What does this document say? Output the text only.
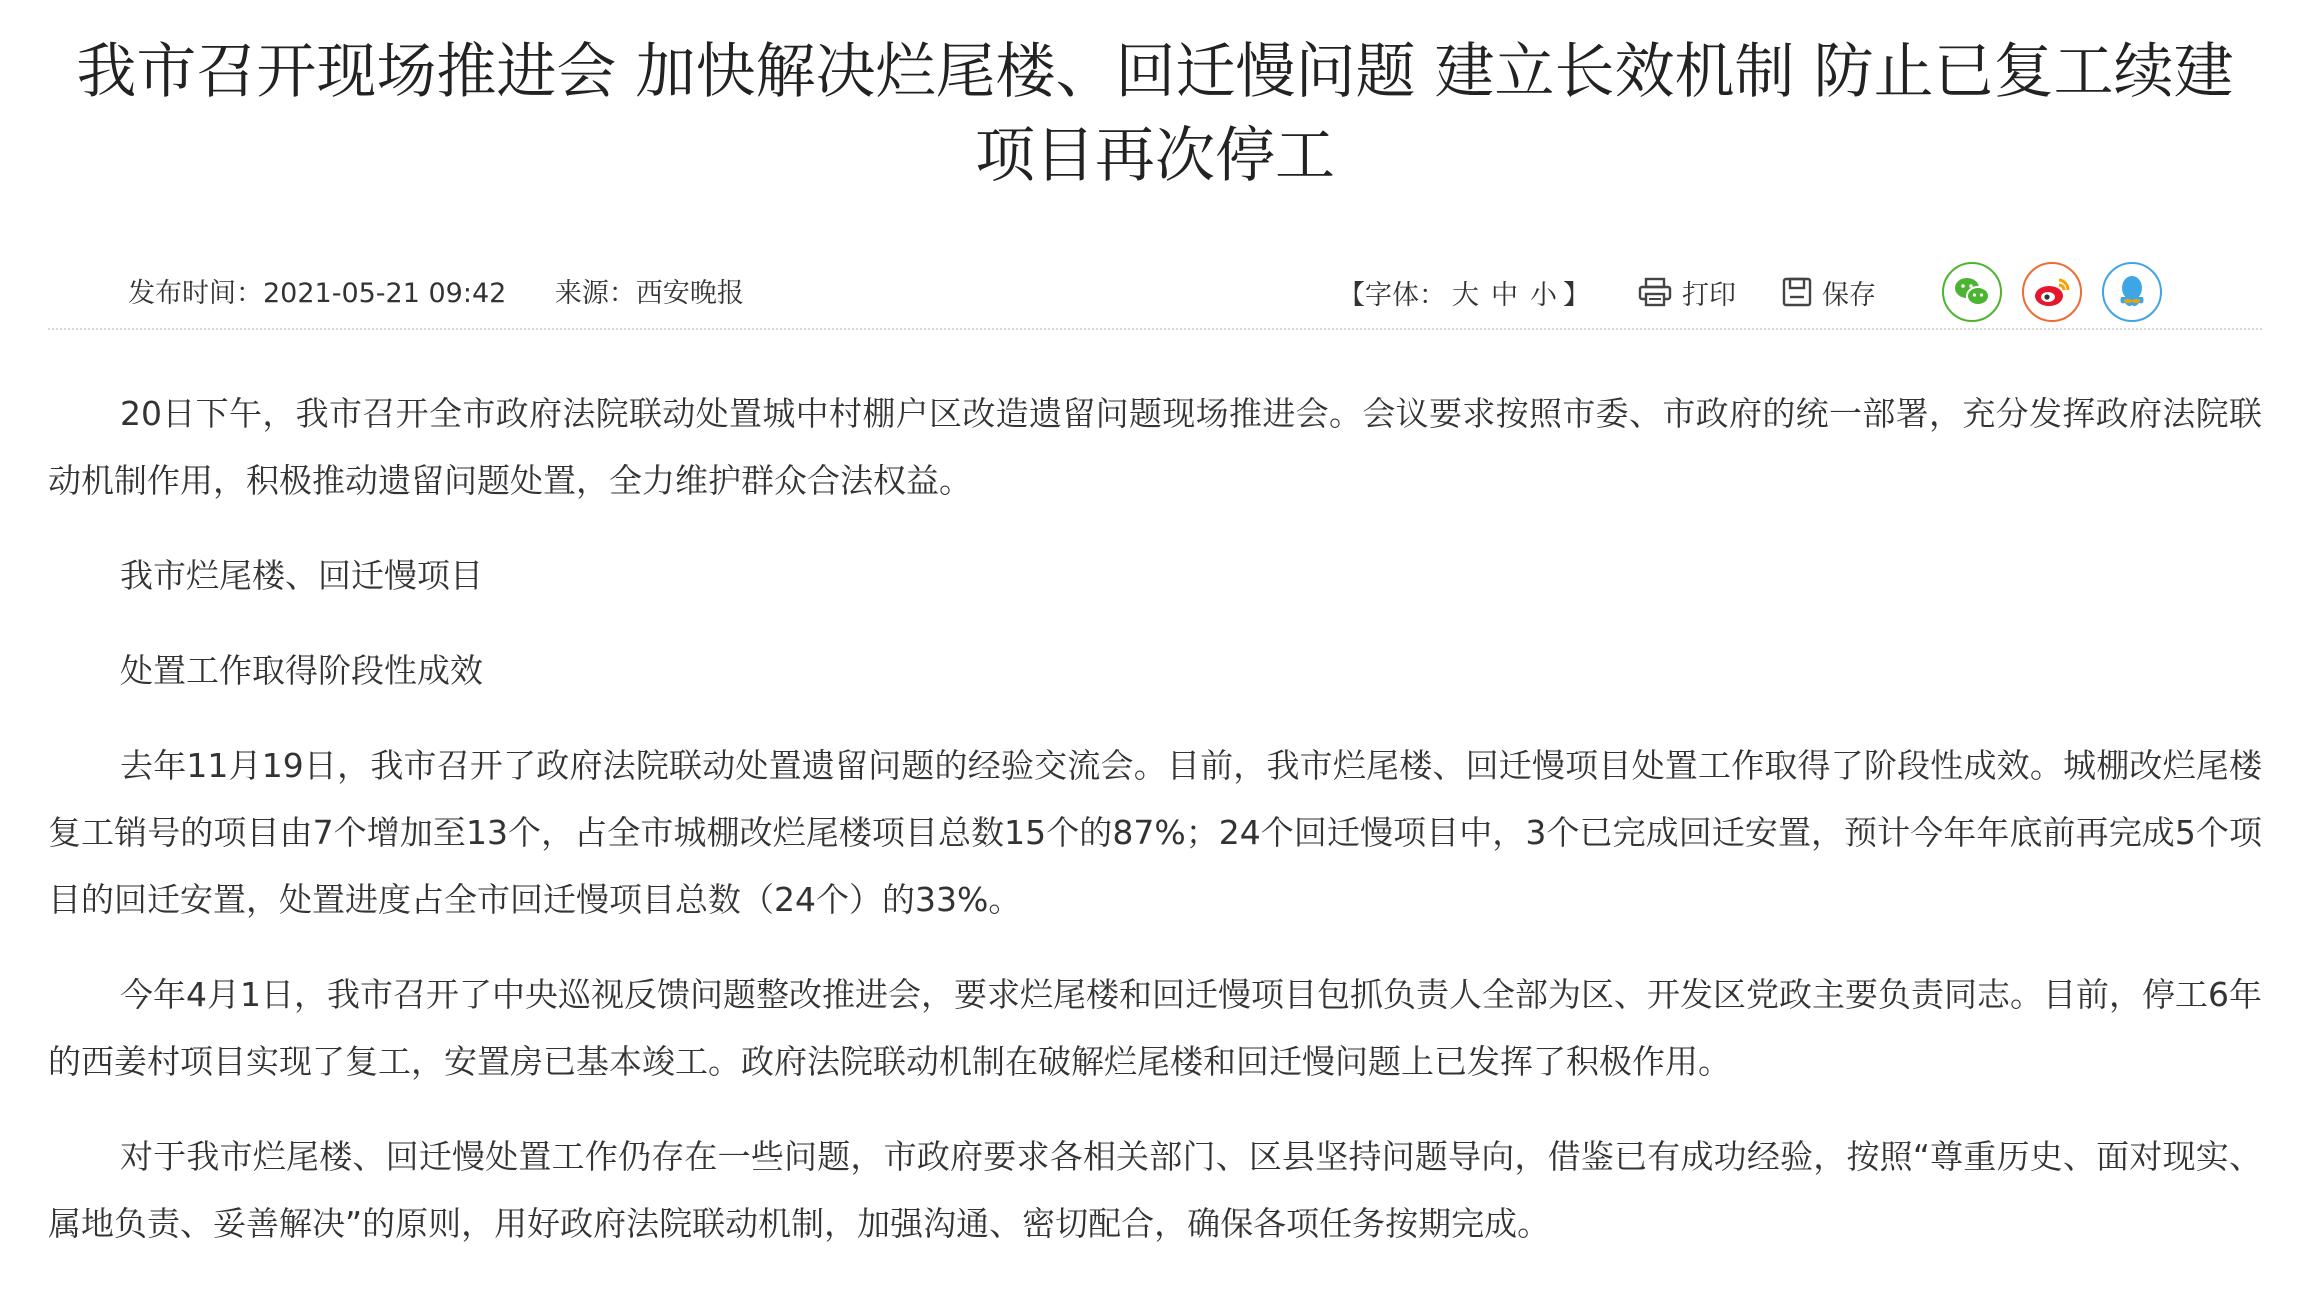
我市召开现场推进会 加快解决烂尾楼、回迁慢问题 建立长效机制 防止已复工续建项目再次停工
发布时间：2021-05-21 09:42 来源：西安晚报	【字体： 大 中 小 】	打印	保存

20日下午，我市召开全市政府法院联动处置城中村棚户区改造遗留问题现场推进会。会议要求按照市委、市政府的统一部署，充分发挥政府法院联动机制作用，积极推动遗留问题处置，全力维护群众合法权益。

我市烂尾楼、回迁慢项目

处置工作取得阶段性成效

去年11月19日，我市召开了政府法院联动处置遗留问题的经验交流会。目前，我市烂尾楼、回迁慢项目处置工作取得了阶段性成效。城棚改烂尾楼复工销号的项目由7个增加至13个，占全市城棚改烂尾楼项目总数15个的87%；24个回迁慢项目中，3个已完成回迁安置，预计今年年底前再完成5个项目的回迁安置，处置进度占全市回迁慢项目总数（24个）的33%。

今年4月1日，我市召开了中央巡视反馈问题整改推进会，要求烂尾楼和回迁慢项目包抓负责人全部为区、开发区党政主要负责同志。目前，停工6年的西姜村项目实现了复工，安置房已基本竣工。政府法院联动机制在破解烂尾楼和回迁慢问题上已发挥了积极作用。

对于我市烂尾楼、回迁慢处置工作仍存在一些问题，市政府要求各相关部门、区县坚持问题导向，借鉴已有成功经验，按照“尊重历史、面对现实、属地负责、妥善解决”的原则，用好政府法院联动机制，加强沟通、密切配合，确保各项任务按期完成。
